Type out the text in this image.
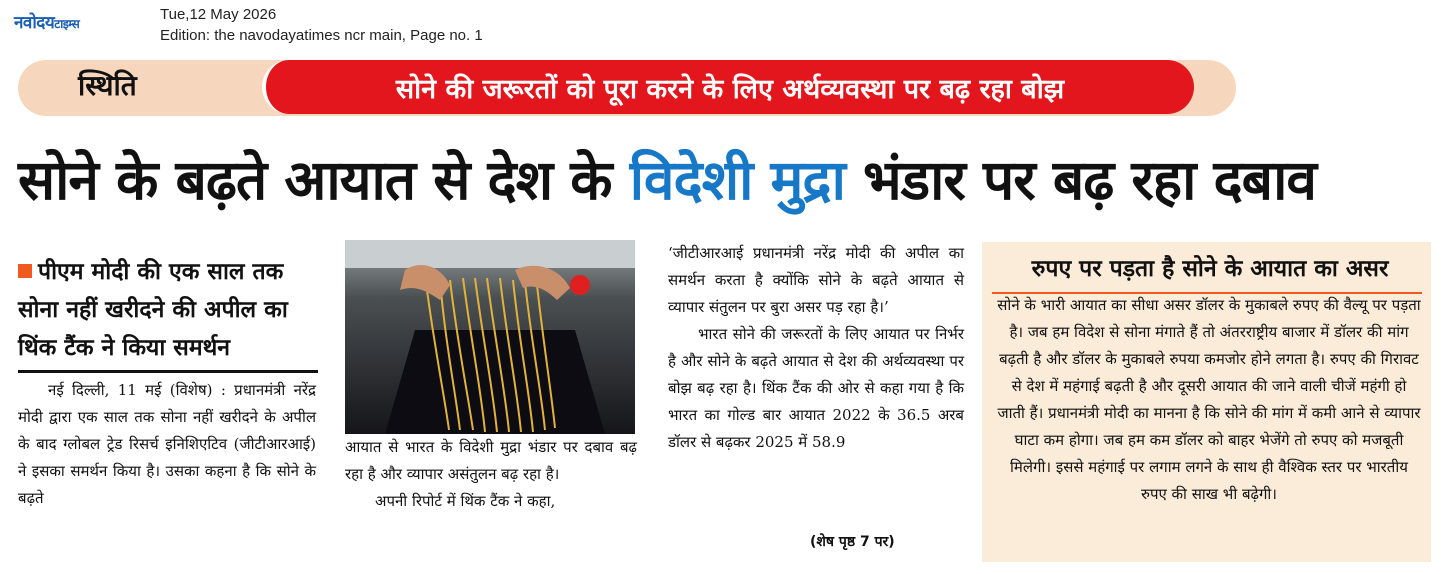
नवोदयटाइम्स
Tue,12 May 2026
Edition: the navodayatimes ncr main, Page no. 1
स्थिति	सोने की जरूरतों को पूरा करने के लिए अर्थव्यवस्था पर बढ़ रहा बोझ
सोने के बढ़ते आयात से देश के विदेशी मुद्रा भंडार पर बढ़ रहा दबाव
पीएम मोदी की एक साल तक सोना नहीं खरीदने की अपील का थिंक टैंक ने किया समर्थन

नई दिल्ली, 11 मई (विशेष) : प्रधानमंत्री नरेंद्र मोदी द्वारा एक साल तक सोना नहीं खरीदने के अपील के बाद ग्लोबल ट्रेड रिसर्च इनिशिएटिव (जीटीआरआई) ने इसका समर्थन किया है। उसका कहना है कि सोने के बढ़ते

आयात से भारत के विदेशी मुद्रा भंडार पर दबाव बढ़ रहा है और व्यापार असंतुलन बढ़ रहा है।

अपनी रिपोर्ट में थिंक टैंक ने कहा,

‘जीटीआरआई प्रधानमंत्री नरेंद्र मोदी की अपील का समर्थन करता है क्योंकि सोने के बढ़ते आयात से व्यापार संतुलन पर बुरा असर पड़ रहा है।’

भारत सोने की जरूरतों के लिए आयात पर निर्भर है और सोने के बढ़ते आयात से देश की अर्थव्यवस्था पर बोझ बढ़ रहा है। थिंक टैंक की ओर से कहा गया है कि भारत का गोल्ड बार आयात 2022 के 36.5 अरब डॉलर से बढ़कर 2025 में 58.9

(शेष पृष्ठ 7 पर)
रुपए पर पड़ता है सोने के आयात का असर
सोने के भारी आयात का सीधा असर डॉलर के मुकाबले रुपए की वैल्यू पर पड़ता है। जब हम विदेश से सोना मंगाते हैं तो अंतरराष्ट्रीय बाजार में डॉलर की मांग बढ़ती है और डॉलर के मुकाबले रुपया कमजोर होने लगता है। रुपए की गिरावट से देश में महंगाई बढ़ती है और दूसरी आयात की जाने वाली चीजें महंगी हो जाती हैं। प्रधानमंत्री मोदी का मानना है कि सोने की मांग में कमी आने से व्यापार घाटा कम होगा। जब हम कम डॉलर को बाहर भेजेंगे तो रुपए को मजबूती मिलेगी। इससे महंगाई पर लगाम लगने के साथ ही वैश्विक स्तर पर भारतीय रुपए की साख भी बढ़ेगी।
